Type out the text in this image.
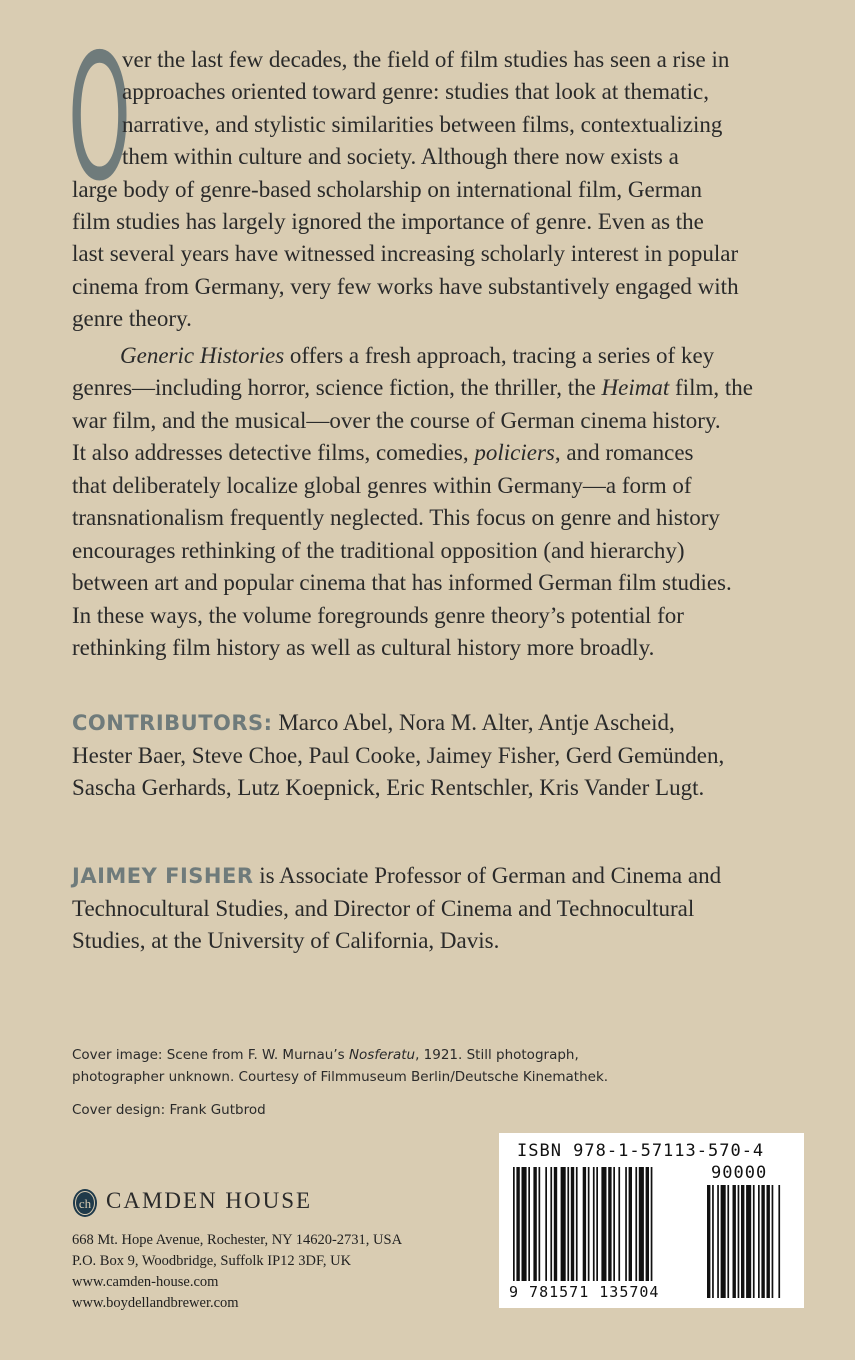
O
ver the last few decades, the field of film studies has seen a rise in
approaches oriented toward genre: studies that look at thematic,
narrative, and stylistic similarities between films, contextualizing
them within culture and society. Although there now exists a
large body of genre-based scholarship on international film, German
film studies has largely ignored the importance of genre. Even as the
last several years have witnessed increasing scholarly interest in popular
cinema from Germany, very few works have substantively engaged with
genre theory.
Generic Histories offers a fresh approach, tracing a series of key
genres—including horror, science fiction, the thriller, the Heimat film, the
war film, and the musical—over the course of German cinema history.
It also addresses detective films, comedies, policiers, and romances
that deliberately localize global genres within Germany—a form of
transnationalism frequently neglected. This focus on genre and history
encourages rethinking of the traditional opposition (and hierarchy)
between art and popular cinema that has informed German film studies.
In these ways, the volume foregrounds genre theory’s potential for
rethinking film history as well as cultural history more broadly.
CONTRIBUTORS: Marco Abel, Nora M. Alter, Antje Ascheid,
Hester Baer, Steve Choe, Paul Cooke, Jaimey Fisher, Gerd Gemünden,
Sascha Gerhards, Lutz Koepnick, Eric Rentschler, Kris Vander Lugt.
JAIMEY FISHER is Associate Professor of German and Cinema and
Technocultural Studies, and Director of Cinema and Technocultural
Studies, at the University of California, Davis.
Cover image: Scene from F. W. Murnau’s Nosferatu, 1921. Still photograph,
photographer unknown. Courtesy of Filmmuseum Berlin/Deutsche Kinemathek.
Cover design: Frank Gutbrod
ch CAMDEN HOUSE
668 Mt. Hope Avenue, Rochester, NY 14620-2731, USA
P.O. Box 9, Woodbridge, Suffolk IP12 3DF, UK
www.camden-house.com
www.boydellandbrewer.com
ISBN 978-1-57113-570-4
90000
9 781571 135704
